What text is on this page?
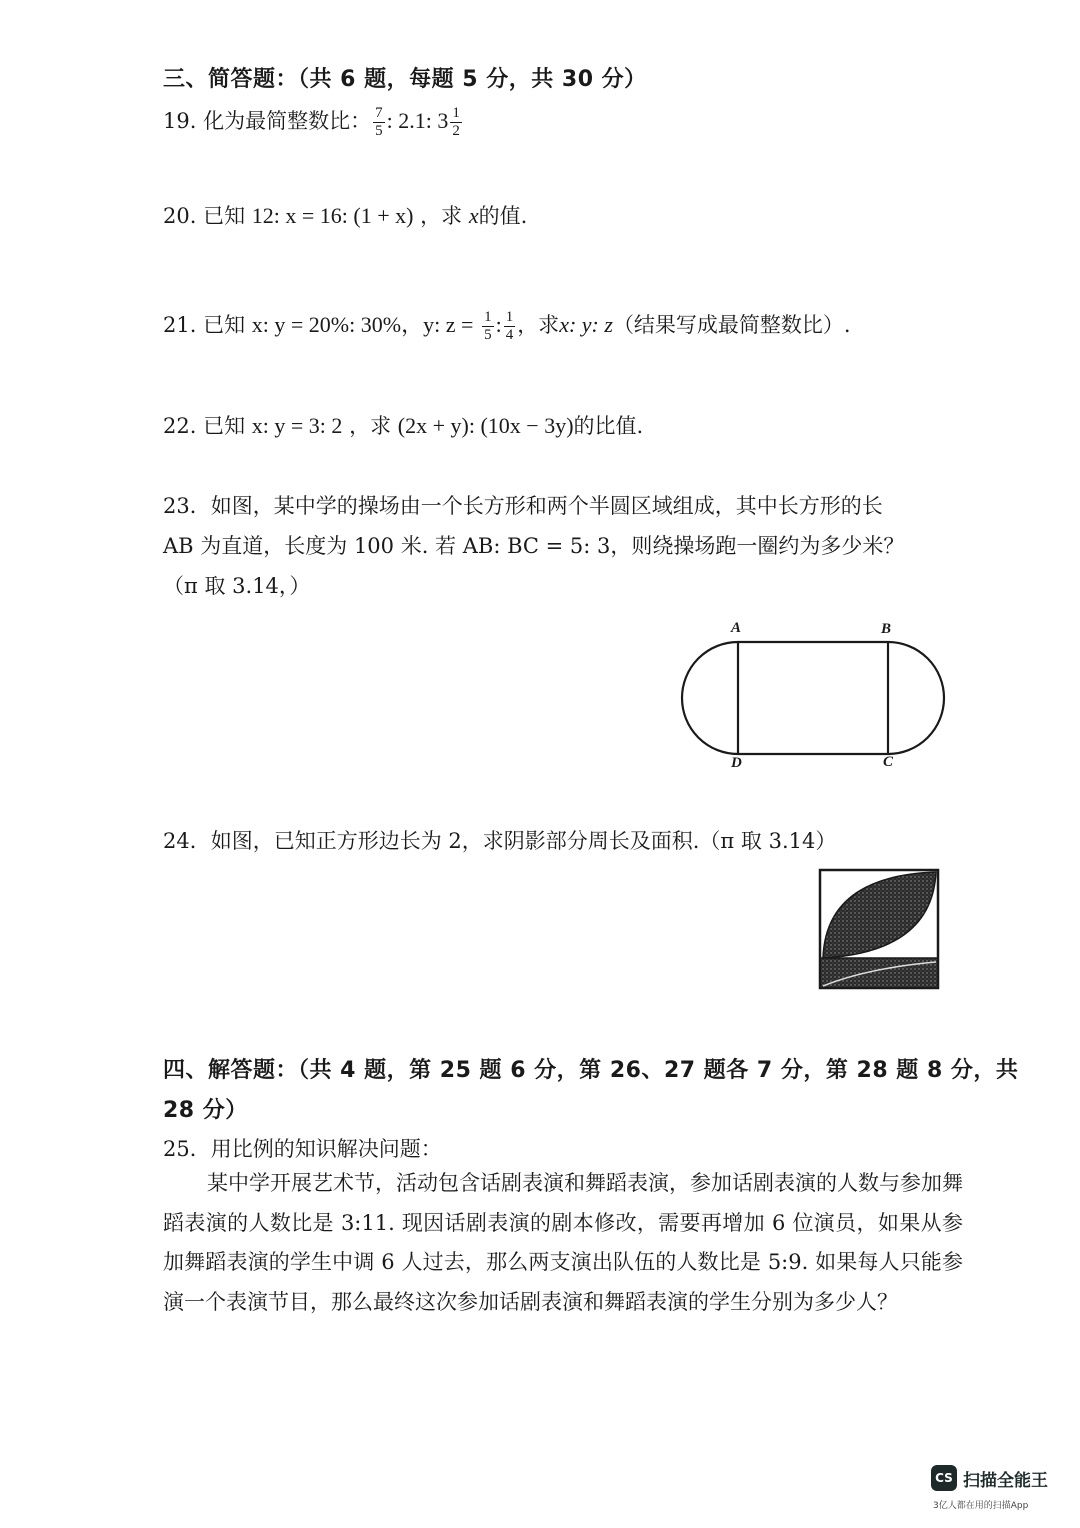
三、简答题：（共 6 题，每题 5 分，共 30 分）
19. 化为最简整数比： $\frac{7}{5}$ : 2.1: $3 \frac{1}{2}$
20. 已知 12: x = 16: (1 + x) ，求 x的值.
21. 已知 x: y = 20%: 30%，y: $z = \frac{1}{5}$ : $\frac{1}{4}$ ，求x: y: z（结果写成最简整数比）.
22. 已知 x: y = 3: 2 ，求 (2x + y): (10x − 3y)的比值.
23．如图，某中学的操场由一个长方形和两个半圆区域组成，其中长方形的长
AB 为直道，长度为 100 米. 若 AB: BC = 5: 3，则绕操场跑一圈约为多少米？
（π 取 3.14，）
A	B
D	C
24．如图，已知正方形边长为 2，求阴影部分周长及面积.（π 取 3.14）
四、解答题：（共 4 题，第 25 题 6 分，第 26、27 题各 7 分，第 28 题 8 分，共
28 分）
25．用比例的知识解决问题：
某中学开展艺术节，活动包含话剧表演和舞蹈表演，参加话剧表演的人数与参加舞蹈表演的人数比是 3:11. 现因话剧表演的剧本修改，需要再增加 6 位演员，如果从参加舞蹈表演的学生中调 6 人过去，那么两支演出队伍的人数比是 5:9. 如果每人只能参演一个表演节目，那么最终这次参加话剧表演和舞蹈表演的学生分别为多少人？
CS 扫描全能王
3亿人都在用的扫描App
